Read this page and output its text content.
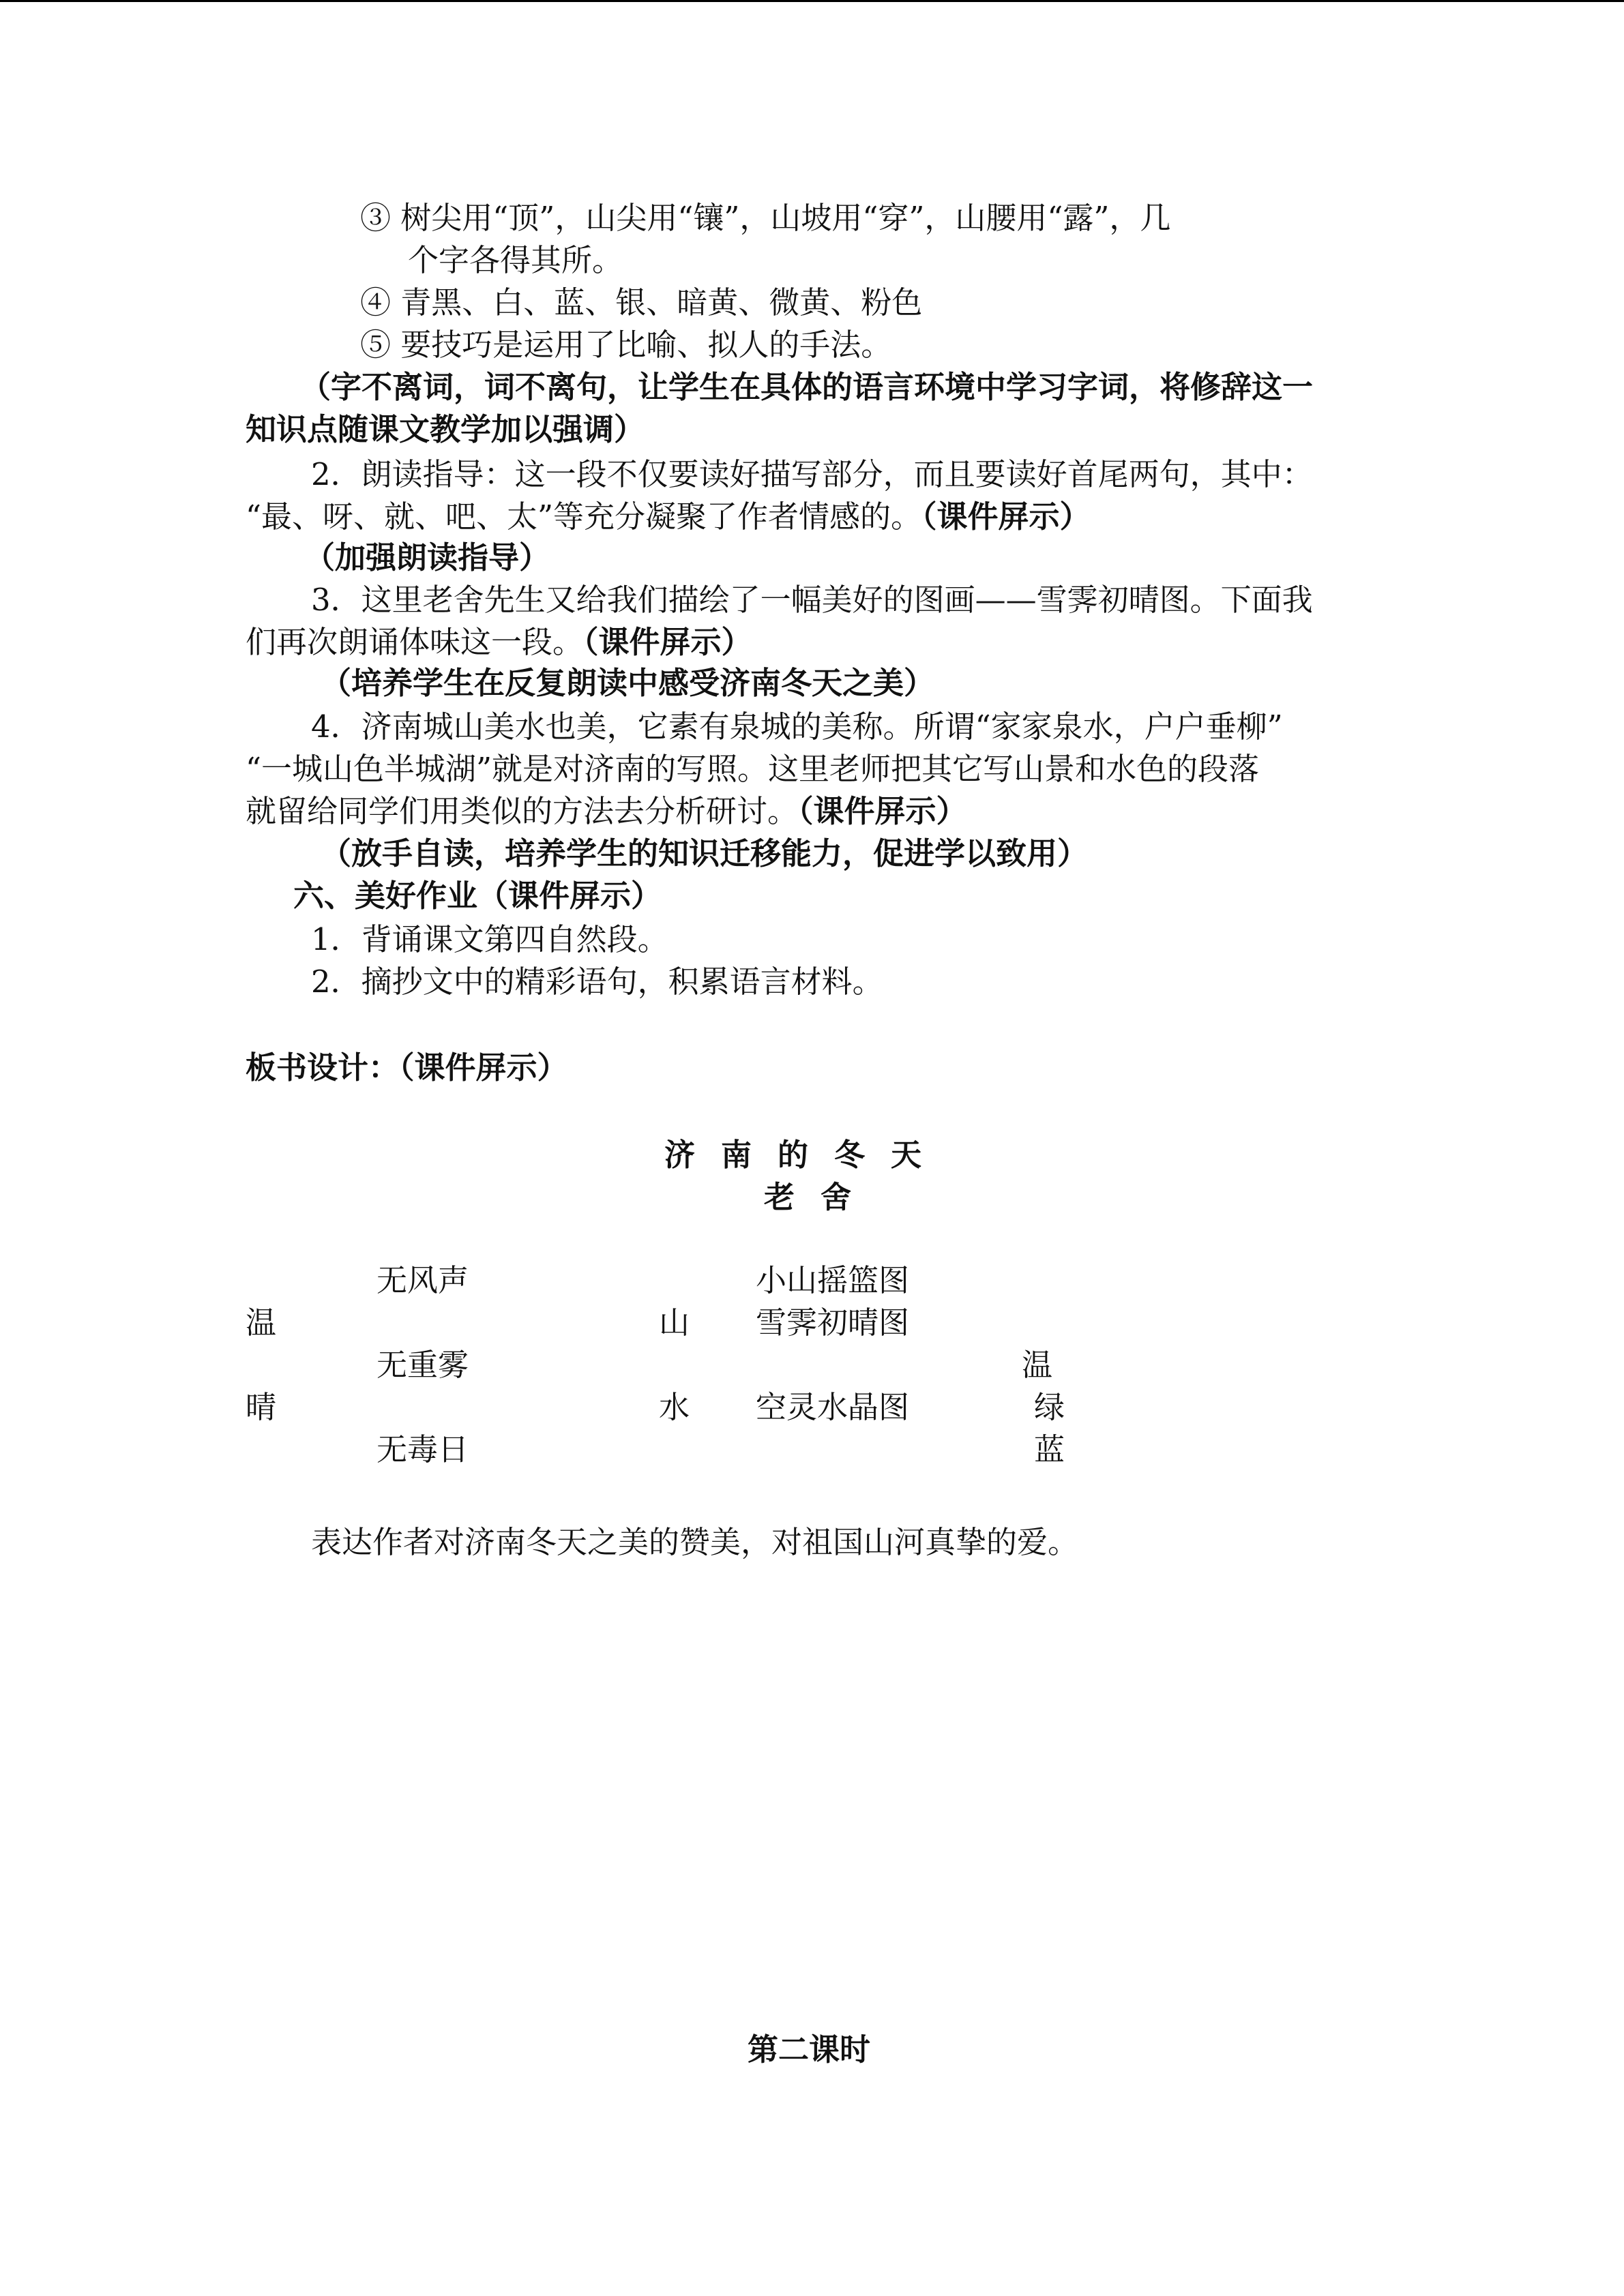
③ 树尖用“顶”，山尖用“镶”，山坡用“穿”，山腰用“露”，几
个字各得其所。
④ 青黑、白、蓝、银、暗黄、微黄、粉色
⑤ 要技巧是运用了比喻、拟人的手法。
（字不离词，词不离句，让学生在具体的语言环境中学习字词，将修辞这一
知识点随课文教学加以强调）
2．朗读指导：这一段不仅要读好描写部分，而且要读好首尾两句，其中：
“最、呀、就、吧、太”等充分凝聚了作者情感的。（课件屏示）
（加强朗读指导）
3．这里老舍先生又给我们描绘了一幅美好的图画——雪霁初晴图。下面我
们再次朗诵体味这一段。（课件屏示）
（培养学生在反复朗读中感受济南冬天之美）
4．济南城山美水也美，它素有泉城的美称。所谓“家家泉水，户户垂柳”
“一城山色半城湖”就是对济南的写照。这里老师把其它写山景和水色的段落
就留给同学们用类似的方法去分析研讨。（课件屏示）
（放手自读，培养学生的知识迁移能力，促进学以致用）
六、美好作业（课件屏示）
1．背诵课文第四自然段。
2．摘抄文中的精彩语句，积累语言材料。
板书设计：（课件屏示）
济南的冬天
老舍
无风声	小山摇篮图
温	山 雪霁初晴图
无重雾	温
晴	水 空灵水晶图	绿
无毒日	蓝
表达作者对济南冬天之美的赞美，对祖国山河真挚的爱。
第二课时
